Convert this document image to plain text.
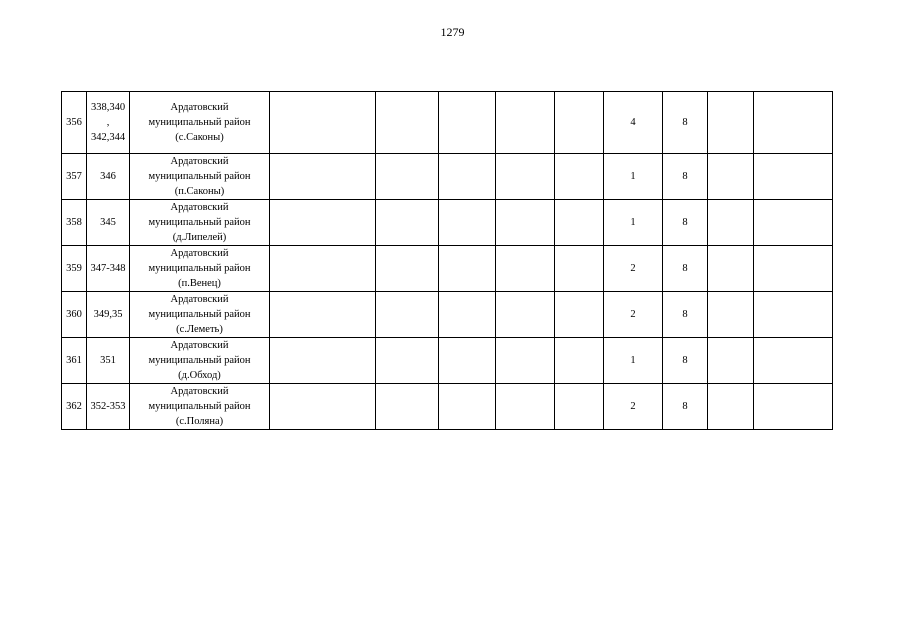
1279
356	338,340
,
342,344	Ардатовский
муниципальный район
(с.Саконы)						4	8		
357	346	Ардатовский
муниципальный район
(п.Саконы)						1	8		
358	345	Ардатовский
муниципальный район
(д.Липелей)						1	8		
359	347-348	Ардатовский
муниципальный район
(п.Венец)						2	8		
360	349,35	Ардатовский
муниципальный район
(с.Леметь)						2	8		
361	351	Ардатовский
муниципальный район
(д.Обход)						1	8		
362	352-353	Ардатовский
муниципальный район
(с.Поляна)						2	8		
